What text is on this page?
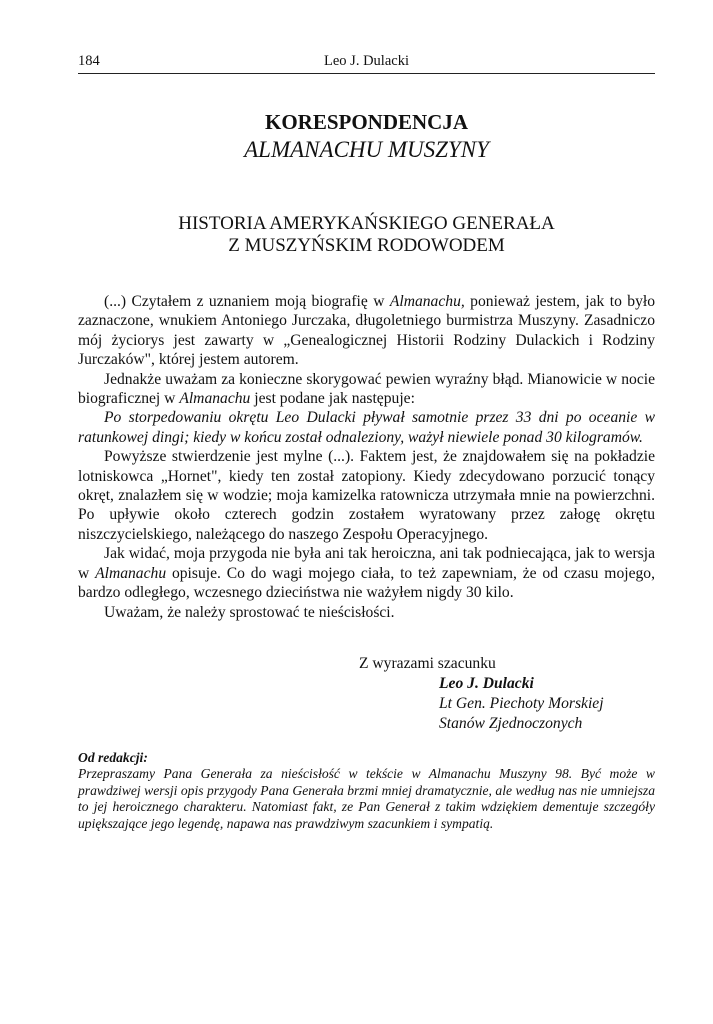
184	Leo J. Dulacki
KORESPONDENCJA
ALMANACHU MUSZYNY
HISTORIA AMERYKAŃSKIEGO GENERAŁA
Z MUSZYŃSKIM RODOWODEM

(...) Czytałem z uznaniem moją biografię w Almanachu, ponieważ jestem, jak to było zaznaczone, wnukiem Antoniego Jurczaka, długoletniego burmistrza Muszyny. Zasadniczo mój życiorys jest zawarty w „Genealogicznej Historii Rodziny Dulackich i Rodziny Jurczaków", której jestem autorem.

Jednakże uważam za konieczne skorygować pewien wyraźny błąd. Mianowicie w nocie biograficznej w Almanachu jest podane jak następuje:

Po storpedowaniu okrętu Leo Dulacki pływał samotnie przez 33 dni po oceanie w ratunkowej dingi; kiedy w końcu został odnaleziony, ważył niewiele ponad 30 kilogramów.

Powyższe stwierdzenie jest mylne (...). Faktem jest, że znajdowałem się na pokładzie lotniskowca „Hornet", kiedy ten został zatopiony. Kiedy zdecydowano porzucić tonący okręt, znalazłem się w wodzie; moja kamizelka ratownicza utrzymała mnie na powierzchni. Po upływie około czterech godzin zostałem wyratowany przez załogę okrętu niszczycielskiego, należącego do naszego Zespołu Operacyjnego.

Jak widać, moja przygoda nie była ani tak heroiczna, ani tak podniecająca, jak to wersja w Almanachu opisuje. Co do wagi mojego ciała, to też zapewniam, że od czasu mojego, bardzo odległego, wczesnego dzieciństwa nie ważyłem nigdy 30 kilo.

Uważam, że należy sprostować te nieścisłości.

Z wyrazami szacunku
Leo J. Dulacki
Lt Gen. Piechoty Morskiej
Stanów Zjednoczonych
Od redakcji:
Przepraszamy Pana Generała za nieścisłość w tekście w Almanachu Muszyny 98. Być może w prawdziwej wersji opis przygody Pana Generała brzmi mniej dramatycznie, ale według nas nie umniejsza to jej heroicznego charakteru. Natomiast fakt, ze Pan Generał z takim wdziękiem dementuje szczegóły upiększające jego legendę, napawa nas prawdziwym szacunkiem i sympatią.
